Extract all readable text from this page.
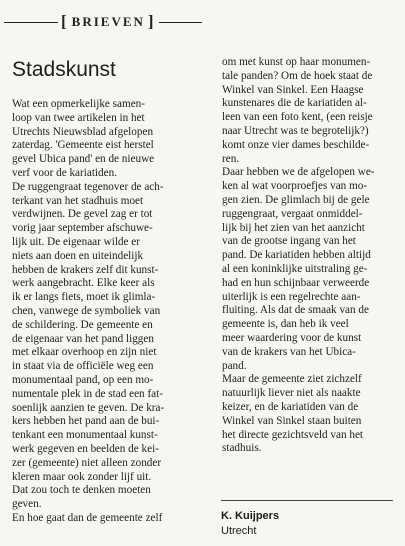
[ BRIEVEN ]
Stadskunst
Wat een opmerkelijke samen-
loop van twee artikelen in het
Utrechts Nieuwsblad afgelopen
zaterdag. 'Gemeente eist herstel
gevel Ubica pand' en de nieuwe
verf voor de kariatiden.
De ruggengraat tegenover de ach-
terkant van het stadhuis moet
verdwijnen. De gevel zag er tot
vorig jaar september afschuwe-
lijk uit. De eigenaar wilde er
niets aan doen en uiteindelijk
hebben de krakers zelf dit kunst-
werk aangebracht. Elke keer als
ik er langs fiets, moet ik glimla-
chen, vanwege de symboliek van
de schildering. De gemeente en
de eigenaar van het pand liggen
met elkaar overhoop en zijn niet
in staat via de officiële weg een
monumentaal pand, op een mo-
numentale plek in de stad een fat-
soenlijk aanzien te geven. De kra-
kers hebben het pand aan de bui-
tenkant een monumentaal kunst-
werk gegeven en beelden de kei-
zer (gemeente) niet alleen zonder
kleren maar ook zonder lijf uit.
Dat zou toch te denken moeten
geven.
En hoe gaat dan de gemeente zelf
om met kunst op haar monumen-
tale panden? Om de hoek staat de
Winkel van Sinkel. Een Haagse
kunstenares die de kariatiden al-
leen van een foto kent, (een reisje
naar Utrecht was te begrotelijk?)
komt onze vier dames beschilde-
ren.
Daar hebben we de afgelopen we-
ken al wat voorproefjes van mo-
gen zien. De glimlach bij de gele
ruggengraat, vergaat onmiddel-
lijk bij het zien van het aanzicht
van de grootse ingang van het
pand. De kariatiden hebben altijd
al een koninklijke uitstraling ge-
had en hun schijnbaar verweerde
uiterlijk is een regelrechte aan-
fluiting. Als dat de smaak van de
gemeente is, dan heb ik veel
meer waardering voor de kunst
van de krakers van het Ubica-
pand.
Maar de gemeente ziet zichzelf
natuurlijk liever niet als naakte
keizer, en de kariatiden van de
Winkel van Sinkel staan buiten
het directe gezichtsveld van het
stadhuis.
K. Kuijpers
Utrecht
